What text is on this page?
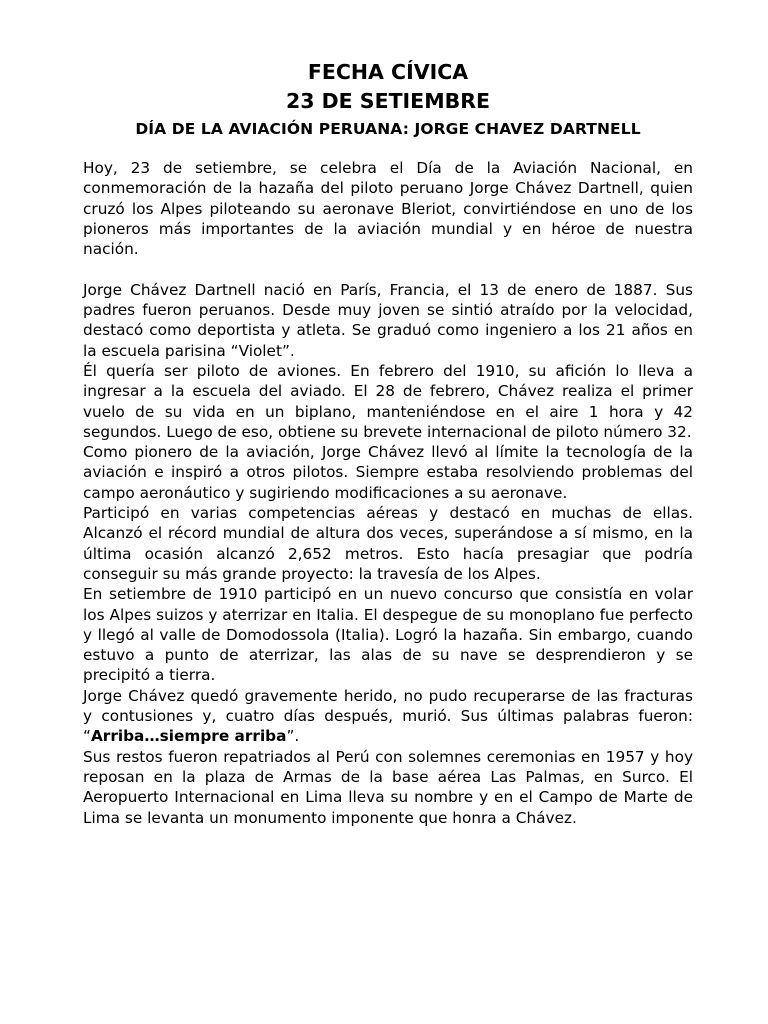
FECHA CÍVICA
23 DE SETIEMBRE
DÍA DE LA AVIACIÓN PERUANA: JORGE CHAVEZ DARTNELL

Hoy, 23 de setiembre, se celebra el Día de la Aviación Nacional, en conmemoración de la hazaña del piloto peruano Jorge Chávez Dartnell, quien cruzó los Alpes piloteando su aeronave Bleriot, convirtiéndose en uno de los pioneros más importantes de la aviación mundial y en héroe de nuestra nación.

Jorge Chávez Dartnell nació en París, Francia, el 13 de enero de 1887. Sus padres fueron peruanos. Desde muy joven se sintió atraído por la velocidad, destacó como deportista y atleta. Se graduó como ingeniero a los 21 años en la escuela parisina “Violet”.

Él quería ser piloto de aviones. En febrero del 1910, su afición lo lleva a ingresar a la escuela del aviado. El 28 de febrero, Chávez realiza el primer vuelo de su vida en un biplano, manteniéndose en el aire 1 hora y 42 segundos. Luego de eso, obtiene su brevete internacional de piloto número 32.

Como pionero de la aviación, Jorge Chávez llevó al límite la tecnología de la aviación e inspiró a otros pilotos. Siempre estaba resolviendo problemas del campo aeronáutico y sugiriendo modificaciones a su aeronave.

Participó en varias competencias aéreas y destacó en muchas de ellas. Alcanzó el récord mundial de altura dos veces, superándose a sí mismo, en la última ocasión alcanzó 2,652 metros. Esto hacía presagiar que podría conseguir su más grande proyecto: la travesía de los Alpes.

En setiembre de 1910 participó en un nuevo concurso que consistía en volar los Alpes suizos y aterrizar en Italia. El despegue de su monoplano fue perfecto y llegó al valle de Domodossola (Italia). Logró la hazaña. Sin embargo, cuando estuvo a punto de aterrizar, las alas de su nave se desprendieron y se precipitó a tierra.

Jorge Chávez quedó gravemente herido, no pudo recuperarse de las fracturas y contusiones y, cuatro días después, murió. Sus últimas palabras fueron: “Arriba…siempre arriba”.

Sus restos fueron repatriados al Perú con solemnes ceremonias en 1957 y hoy reposan en la plaza de Armas de la base aérea Las Palmas, en Surco. El Aeropuerto Internacional en Lima lleva su nombre y en el Campo de Marte de Lima se levanta un monumento imponente que honra a Chávez.
